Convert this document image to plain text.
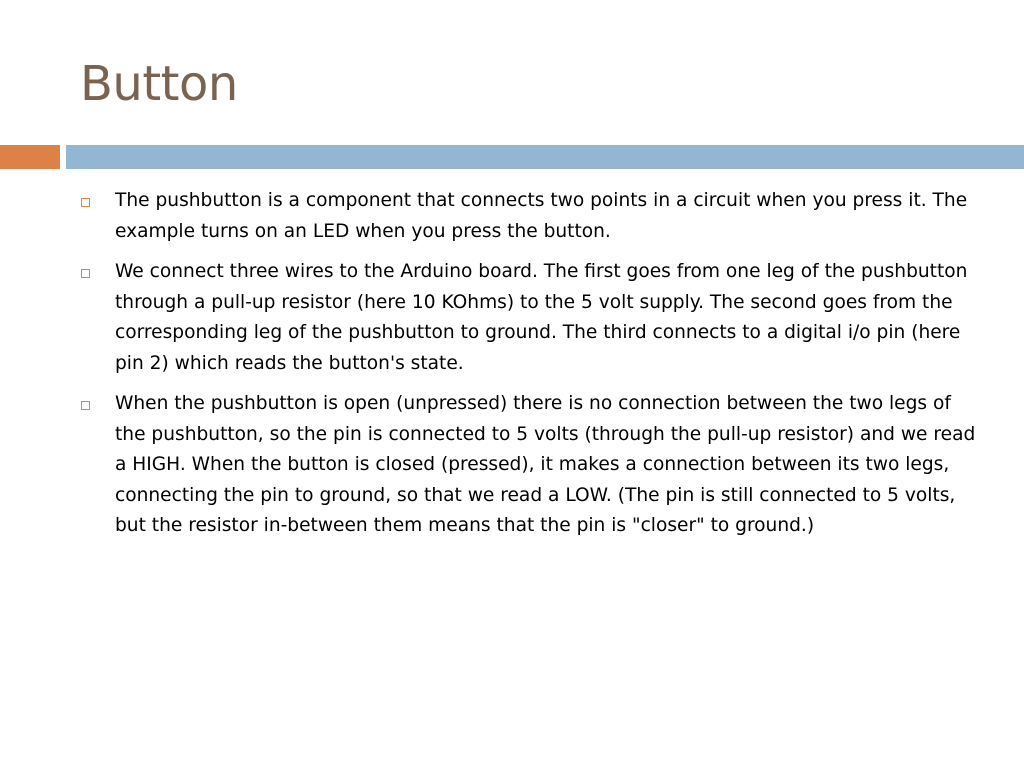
Button
The pushbutton is a component that connects two points in a circuit when you press it. The example turns on an LED when you press the button.
We connect three wires to the Arduino board. The first goes from one leg of the pushbutton through a pull-up resistor (here 10 KOhms) to the 5 volt supply. The second goes from the corresponding leg of the pushbutton to ground. The third connects to a digital i/o pin (here pin 2) which reads the button's state.
When the pushbutton is open (unpressed) there is no connection between the two legs of the pushbutton, so the pin is connected to 5 volts (through the pull-up resistor) and we read a HIGH. When the button is closed (pressed), it makes a connection between its two legs, connecting the pin to ground, so that we read a LOW. (The pin is still connected to 5 volts, but the resistor in-between them means that the pin is "closer" to ground.)
